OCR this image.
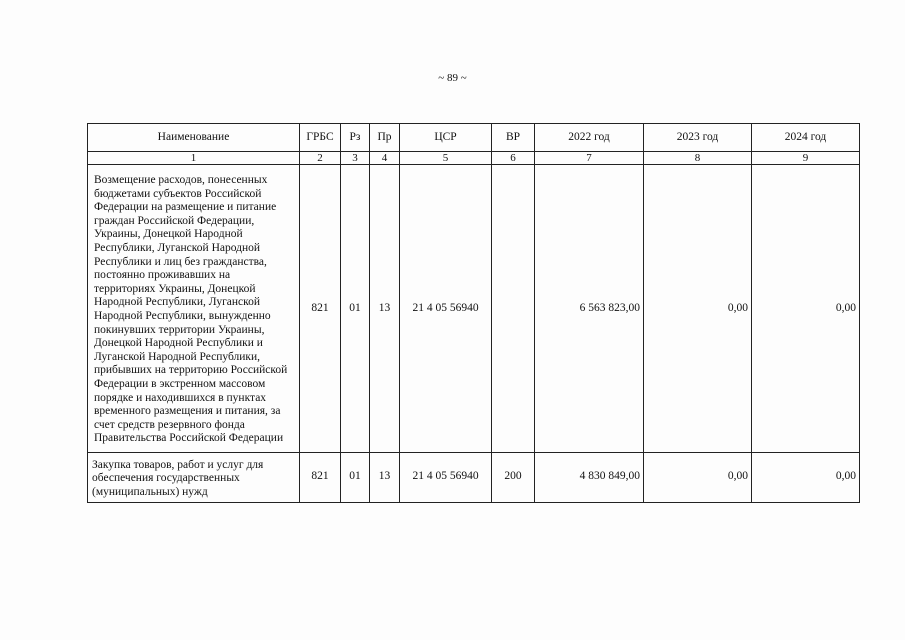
~ 89 ~
Наименование	ГРБС	Рз	Пр	ЦСР	ВР	2022 год	2023 год	2024 год
1	2	3	4	5	6	7	8	9
Возмещение расходов, понесенных бюджетами субъектов Российской Федерации на размещение и питание граждан Российской Федерации, Украины, Донецкой Народной Республики, Луганской Народной Республики и лиц без гражданства, постоянно проживавших на территориях Украины, Донецкой Народной Республики, Луганской Народной Республики, вынужденно покинувших территории Украины, Донецкой Народной Республики и Луганской Народной Республики, прибывших на территорию Российской Федерации в экстренном массовом порядке и находившихся в пунктах временного размещения и питания, за счет средств резервного фонда Правительства Российской Федерации	821	01	13	21 4 05 56940		6 563 823,00	0,00	0,00
Закупка товаров, работ и услуг для обеспечения государственных (муниципальных) нужд	821	01	13	21 4 05 56940	200	4 830 849,00	0,00	0,00
